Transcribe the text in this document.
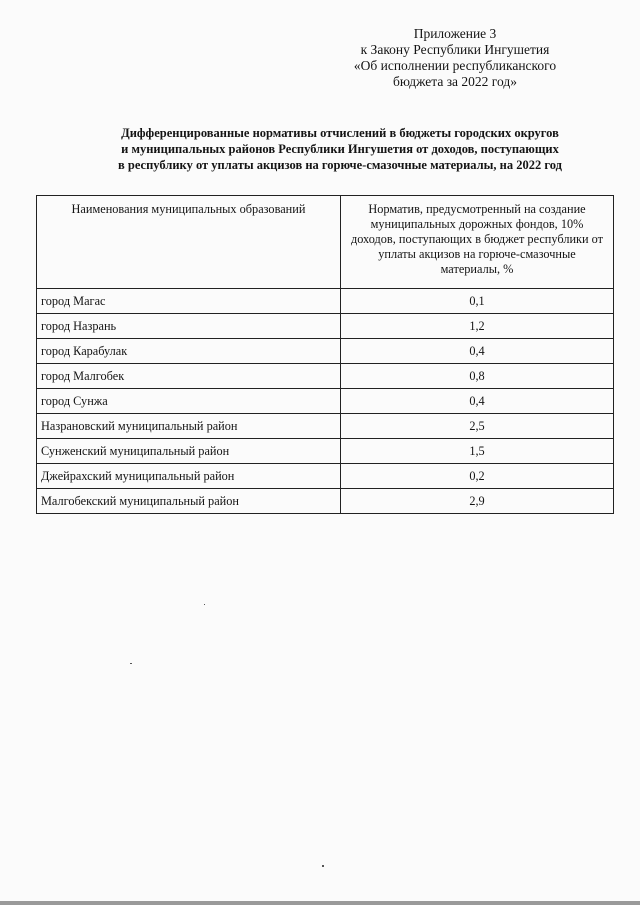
Приложение 3
к Закону Республики Ингушетия
«Об исполнении республиканского
бюджета за 2022 год»
Дифференцированные нормативы отчислений в бюджеты городских округов
и муниципальных районов Республики Ингушетия от доходов, поступающих
в республику от уплаты акцизов на горюче-смазочные материалы, на 2022 год
Наименования муниципальных образований	Норматив, предусмотренный на создание муниципальных дорожных фондов, 10% доходов, поступающих в бюджет республики от уплаты акцизов на горюче-смазочные материалы, %
город Магас	0,1
город Назрань	1,2
город Карабулак	0,4
город Малгобек	0,8
город Сунжа	0,4
Назрановский муниципальный район	2,5
Сунженский муниципальный район	1,5
Джейрахский муниципальный район	0,2
Малгобекский муниципальный район	2,9
